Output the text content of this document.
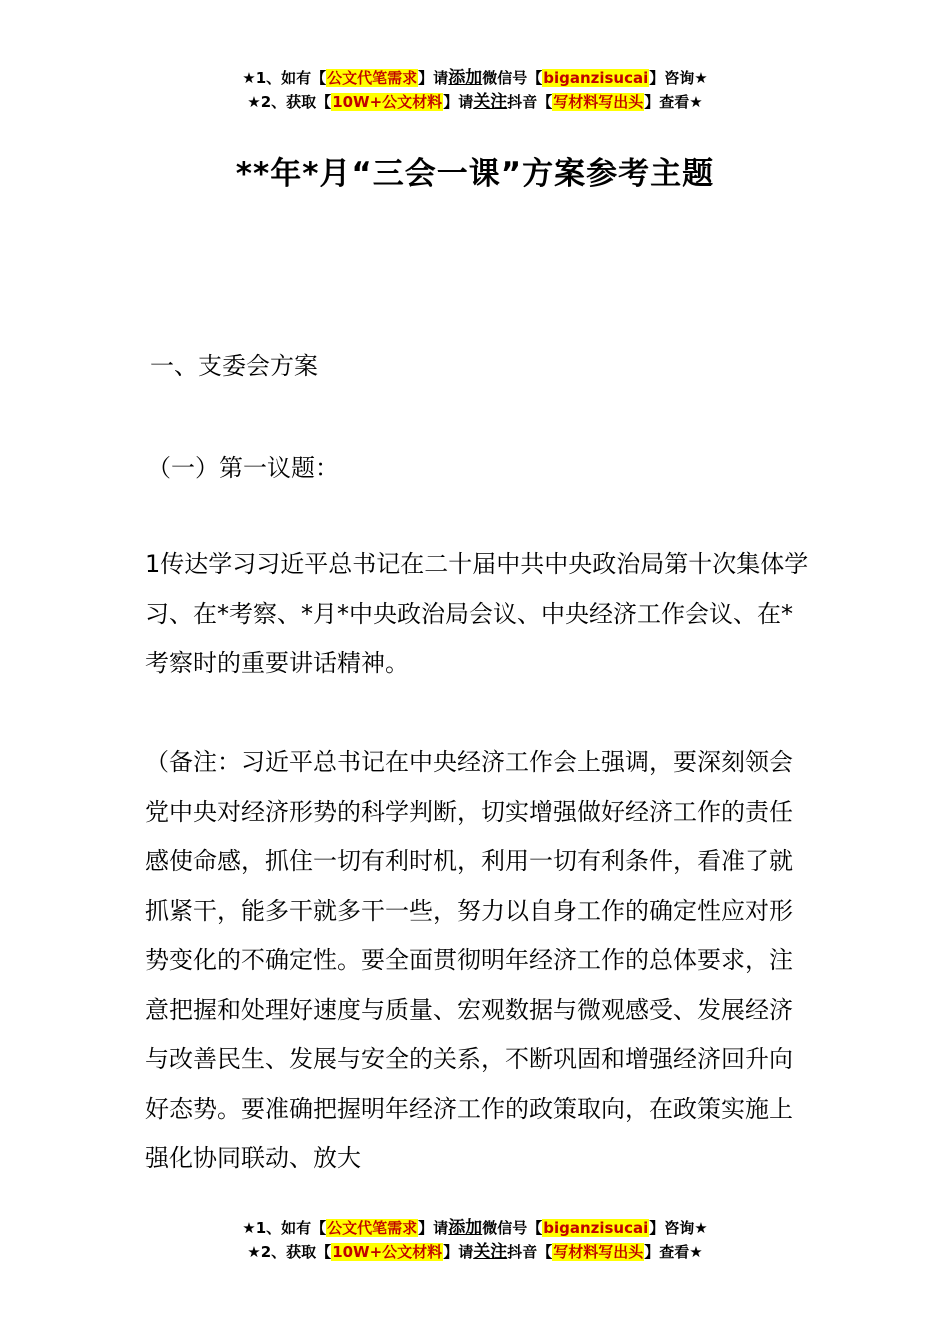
★1、如有【公文代笔需求】请添加微信号【biganzisucai】咨询★
★2、获取【10W+公文材料】请关注抖音【写材料写出头】查看★
**年*月“三会一课”方案参考主题
一、支委会方案
（一）第一议题：
1传达学习习近平总书记在二十届中共中央政治局第十次集体学习、在*考察、*月*中央政治局会议、中央经济工作会议、在*考察时的重要讲话精神。
（备注：习近平总书记在中央经济工作会上强调，要深刻领会党中央对经济形势的科学判断，切实增强做好经济工作的责任感使命感，抓住一切有利时机，利用一切有利条件，看准了就抓紧干，能多干就多干一些，努力以自身工作的确定性应对形势变化的不确定性。要全面贯彻明年经济工作的总体要求，注意把握和处理好速度与质量、宏观数据与微观感受、发展经济与改善民生、发展与安全的关系，不断巩固和增强经济回升向好态势。要准确把握明年经济工作的政策取向，在政策实施上强化协同联动、放大
★1、如有【公文代笔需求】请添加微信号【biganzisucai】咨询★
★2、获取【10W+公文材料】请关注抖音【写材料写出头】查看★
